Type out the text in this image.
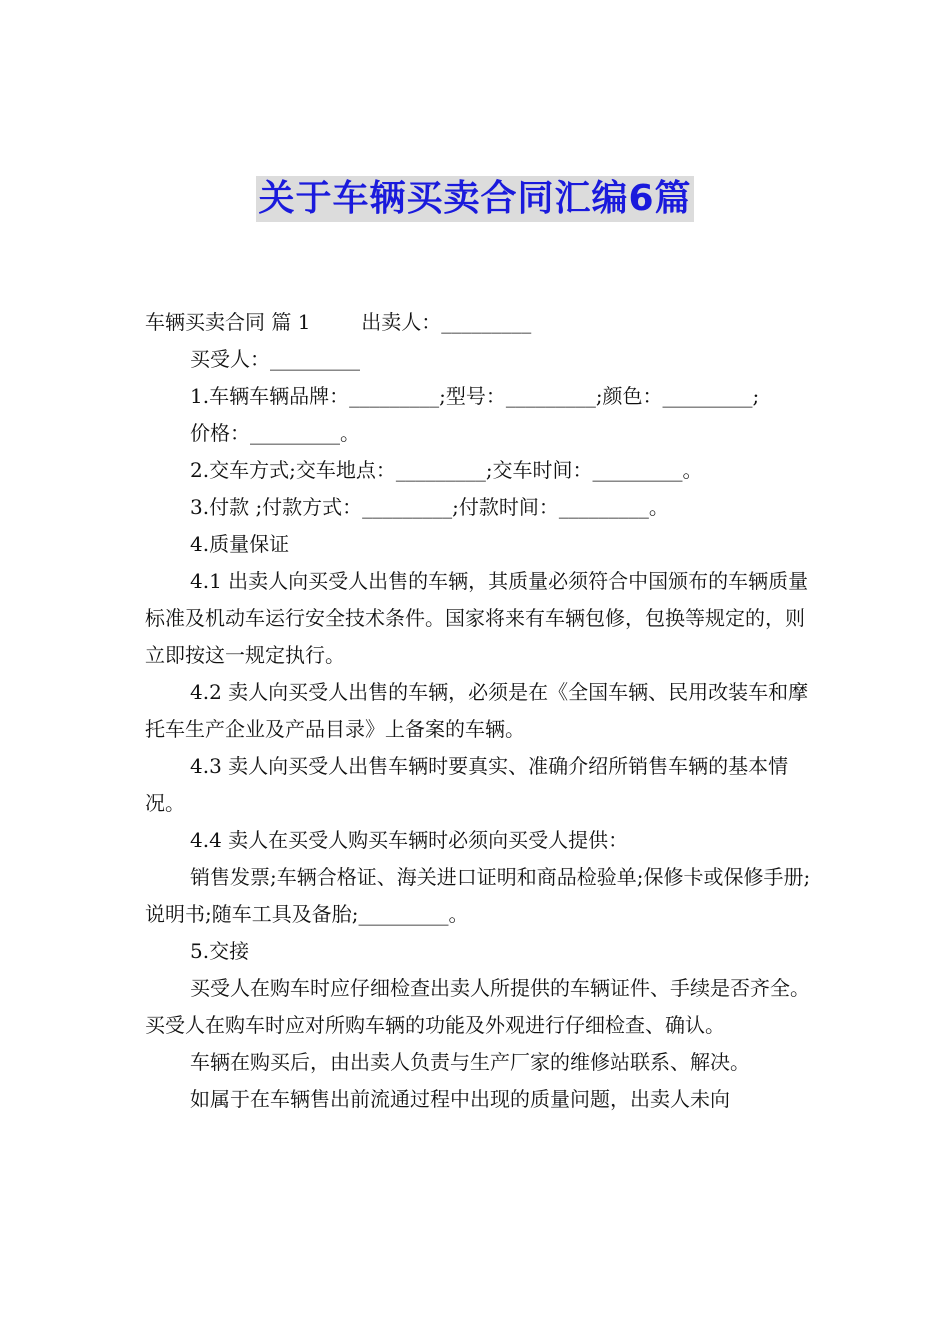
关于车辆买卖合同汇编6篇

车辆买卖合同 篇 1        出卖人：_________

买受人：_________

1.车辆车辆品牌：_________;型号：_________;颜色：_________;

价格：_________。

2.交车方式;交车地点：_________;交车时间：_________。

3.付款 ;付款方式：_________;付款时间：_________。

4.质量保证

4.1 出卖人向买受人出售的车辆，其质量必须符合中国颁布的车辆质量标准及机动车运行安全技术条件。国家将来有车辆包修，包换等规定的，则立即按这一规定执行。

4.2 卖人向买受人出售的车辆，必须是在《全国车辆、民用改装车和摩托车生产企业及产品目录》上备案的车辆。

4.3 卖人向买受人出售车辆时要真实、准确介绍所销售车辆的基本情况。

4.4 卖人在买受人购买车辆时必须向买受人提供：

销售发票;车辆合格证、海关进口证明和商品检验单;保修卡或保修手册;说明书;随车工具及备胎;_________。

5.交接

买受人在购车时应仔细检查出卖人所提供的车辆证件、手续是否齐全。 买受人在购车时应对所购车辆的功能及外观进行仔细检查、确认。

车辆在购买后，由出卖人负责与生产厂家的维修站联系、解决。

如属于在车辆售出前流通过程中出现的质量问题，出卖人未向
